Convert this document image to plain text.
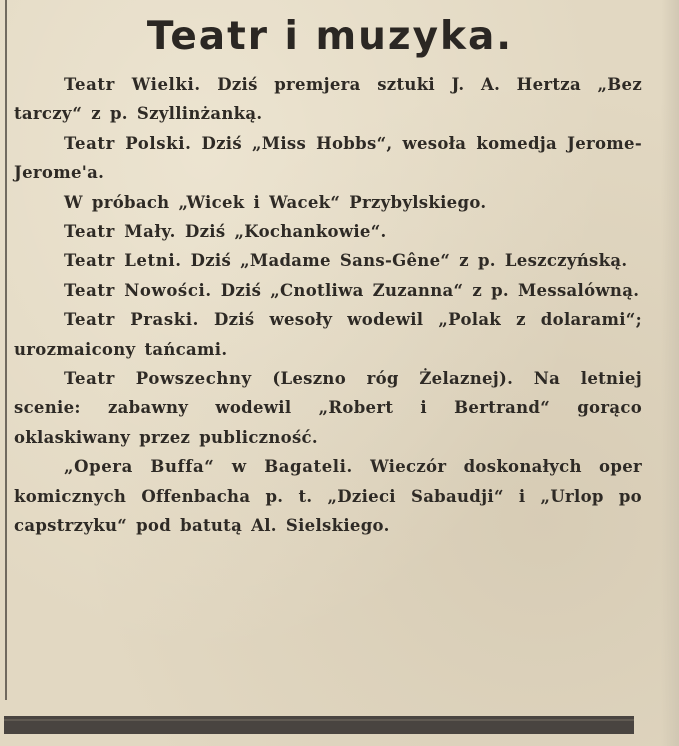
Teatr i muzyka.

Teatr Wielki. Dziś premjera sztuki J. A. Hertza „Bez tarczy“ z p. Szyllinżanką.

Teatr Polski. Dziś „Miss Hobbs“, wesoła komedja Jerome-Jerome'a.

W próbach „Wicek i Wacek“ Przybylskiego.

Teatr Mały. Dziś „Kochankowie“.

Teatr Letni. Dziś „Madame Sans-Gêne“ z p. Leszczyńską.

Teatr Nowości. Dziś „Cnotliwa Zuzanna“ z p. Messalówną.

Teatr Praski. Dziś wesoły wodewil „Polak z dolarami“; urozmaicony tańcami.

Teatr Powszechny (Leszno róg Żelaznej). Na letniej scenie: zabawny wodewil „Robert i Bertrand“ gorąco oklaskiwany przez publiczność.

„Opera Buffa“ w Bagateli. Wieczór doskonałych oper komicznych Offenbacha p. t. „Dzieci Sabaudji“ i „Urlop po capstrzyku“ pod batutą Al. Sielskiego.
